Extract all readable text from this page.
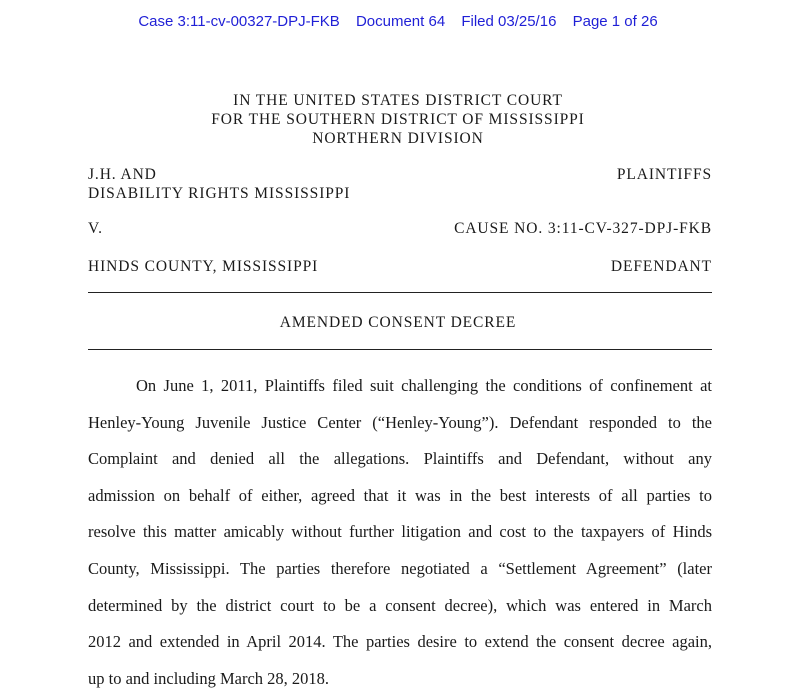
Case 3:11-cv-00327-DPJ-FKB Document 64 Filed 03/25/16 Page 1 of 26
IN THE UNITED STATES DISTRICT COURT
FOR THE SOUTHERN DISTRICT OF MISSISSIPPI
NORTHERN DIVISION
J.H. AND
DISABILITY RIGHTS MISSISSIPPI
PLAINTIFFS
V.	CAUSE NO. 3:11-CV-327-DPJ-FKB
HINDS COUNTY, MISSISSIPPI	DEFENDANT
AMENDED CONSENT DECREE
On June 1, 2011, Plaintiffs filed suit challenging the conditions of confinement at
Henley-Young Juvenile Justice Center (“Henley-Young”). Defendant responded to the
Complaint and denied all the allegations. Plaintiffs and Defendant, without any
admission on behalf of either, agreed that it was in the best interests of all parties to
resolve this matter amicably without further litigation and cost to the taxpayers of Hinds
County, Mississippi. The parties therefore negotiated a “Settlement Agreement” (later
determined by the district court to be a consent decree), which was entered in March
2012 and extended in April 2014. The parties desire to extend the consent decree again,
up to and including March 28, 2018.
